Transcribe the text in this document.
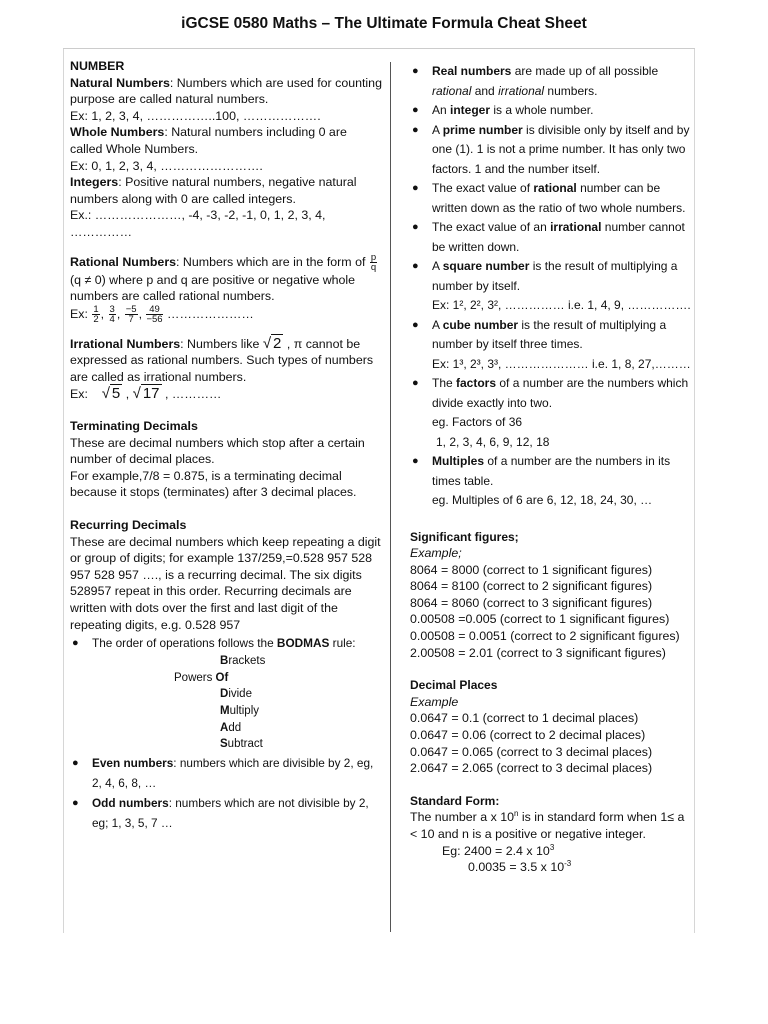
iGCSE 0580 Maths – The Ultimate Formula Cheat Sheet
NUMBER
Natural Numbers: Numbers which are used for counting purpose are called natural numbers.
Ex: 1, 2, 3, 4, ……………..100, ……………….
Whole Numbers: Natural numbers including 0 are called Whole Numbers.
Ex: 0, 1, 2, 3, 4, …………………….
Integers: Positive natural numbers, negative natural numbers along with 0 are called integers.
Ex.: …………………, -4, -3, -2, -1, 0, 1, 2, 3, 4, ……………
Rational Numbers: Numbers which are in the form of $\frac{p}{q}$
(q ≠ 0) where p and q are positive or negative whole numbers are called rational numbers.
Ex: $\frac{1}{2}$ , $\frac{3}{4}$ , $\frac{-5}{7}$ , $\frac{49}{-56}$ …………………
Irrational Numbers: Numbers like √ 2 , π cannot be expressed as rational numbers. Such types of numbers are called as irrational numbers.
Ex: √ 5 , √ 17 , …………
Terminating Decimals
These are decimal numbers which stop after a certain number of decimal places.
For example,7/8 = 0.875, is a terminating decimal because it stops (terminates) after 3 decimal places.
Recurring Decimals
These are decimal numbers which keep repeating a digit or group of digits; for example 137/259,=0.528 957 528 957 528 957 …., is a recurring decimal. The six digits 528957 repeat in this order. Recurring decimals are written with dots over the first and last digit of the repeating digits, e.g. 0.528 957
● The order of operations follows the BODMAS rule:
Brackets
Powers Of
Divide
Multiply
Add
Subtract
● Even numbers: numbers which are divisible by 2, eg, 2, 4, 6, 8, …
● Odd numbers: numbers which are not divisible by 2, eg; 1, 3, 5, 7 …
● Real numbers are made up of all possible rational and irrational numbers.
● An integer is a whole number.
● A prime number is divisible only by itself and by one (1). 1 is not a prime number. It has only two factors. 1 and the number itself.
● The exact value of rational number can be written down as the ratio of two whole numbers.
● The exact value of an irrational number cannot be written down.
● A square number is the result of multiplying a number by itself.
Ex: 1², 2², 3², …………… i.e. 1, 4, 9, …………….
● A cube number is the result of multiplying a number by itself three times.
Ex: 1³, 2³, 3³, ………………… i.e. 1, 8, 27,………
● The factors of a number are the numbers which divide exactly into two.
eg. Factors of 36
1, 2, 3, 4, 6, 9, 12, 18
● Multiples of a number are the numbers in its times table.
eg. Multiples of 6 are 6, 12, 18, 24, 30, …
Significant figures;
Example;
8064 = 8000 (correct to 1 significant figures)
8064 = 8100 (correct to 2 significant figures)
8064 = 8060 (correct to 3 significant figures)
0.00508 =0.005 (correct to 1 significant figures)
0.00508 = 0.0051 (correct to 2 significant figures)
2.00508 = 2.01 (correct to 3 significant figures)
Decimal Places
Example
0.0647 = 0.1 (correct to 1 decimal places)
0.0647 = 0.06 (correct to 2 decimal places)
0.0647 = 0.065 (correct to 3 decimal places)
2.0647 = 2.065 (correct to 3 decimal places)
Standard Form:
The number a x 10$^n$ is in standard form when 1≤ a < 10 and n is a positive or negative integer.
Eg: 2400 = 2.4 x $10^3$
0.0035 = 3.5 x $10^{-3}$
